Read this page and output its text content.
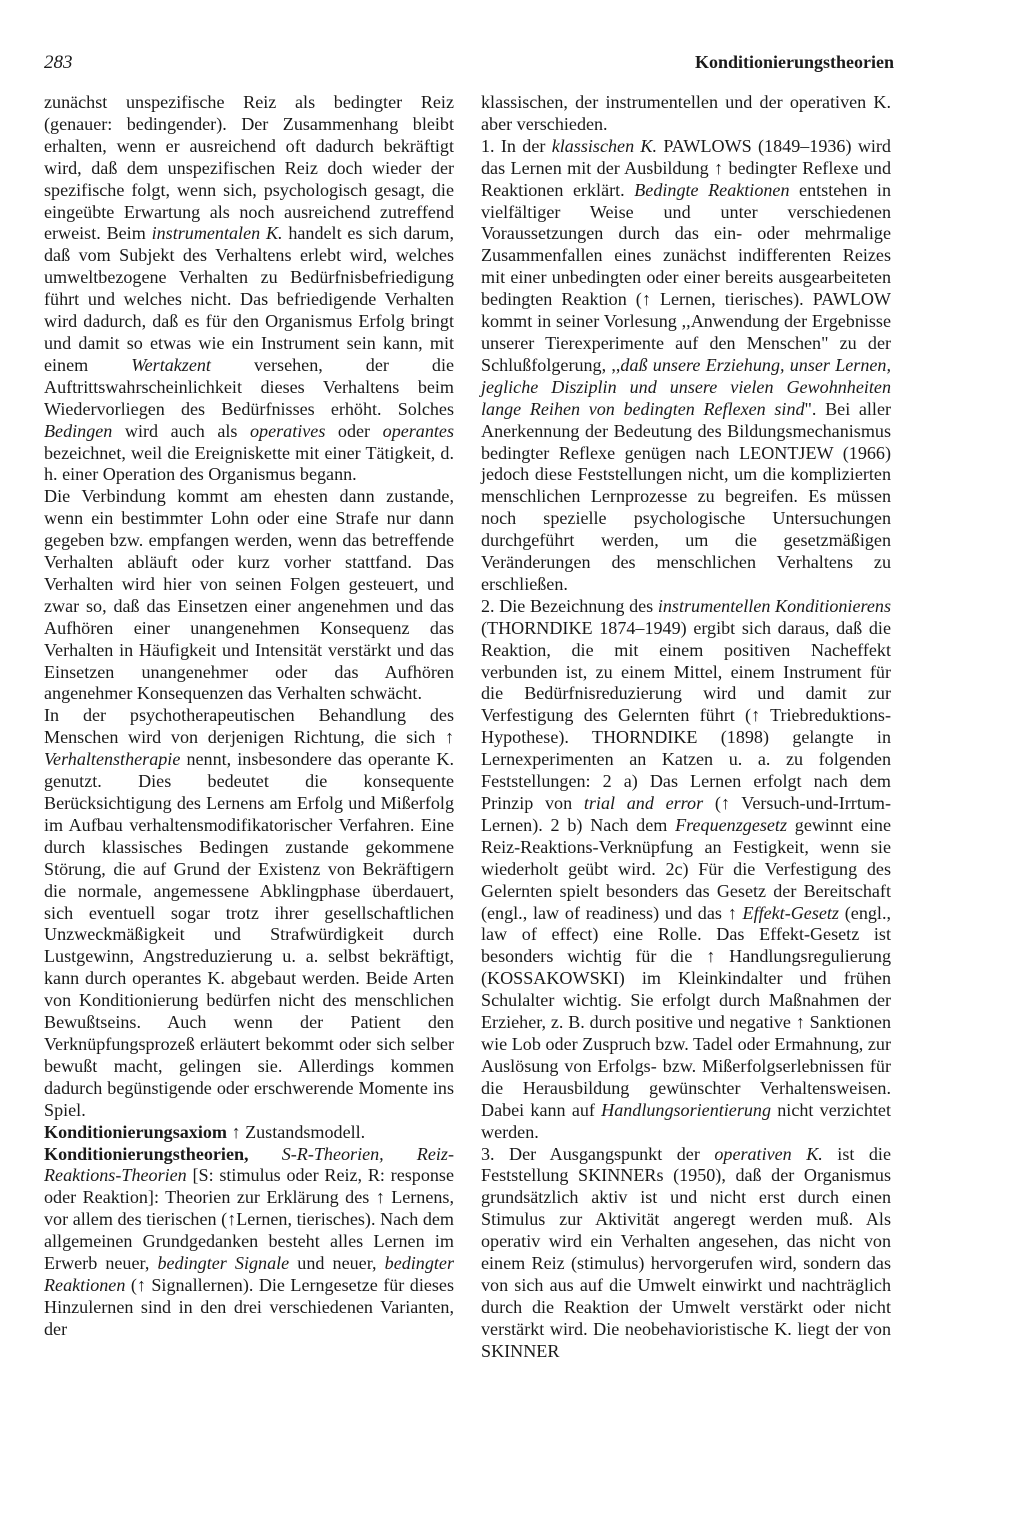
283	Konditionierungstheorien

zunächst unspezifische Reiz als bedingter Reiz (genauer: bedingender). Der Zusammenhang bleibt erhalten, wenn er ausreichend oft dadurch bekräftigt wird, daß dem unspezifischen Reiz doch wieder der spezifische folgt, wenn sich, psychologisch gesagt, die eingeübte Erwartung als noch ausreichend zutreffend erweist. Beim instrumentalen K. handelt es sich darum, daß vom Subjekt des Verhaltens erlebt wird, welches umweltbezogene Verhalten zu Bedürfnisbefriedigung führt und welches nicht. Das befriedigende Verhalten wird dadurch, daß es für den Organismus Erfolg bringt und damit so etwas wie ein Instrument sein kann, mit einem Wertakzent versehen, der die Auftrittswahrscheinlichkeit dieses Verhaltens beim Wiedervorliegen des Bedürfnisses erhöht. Solches Bedingen wird auch als operatives oder operantes bezeichnet, weil die Ereigniskette mit einer Tätigkeit, d. h. einer Operation des Organismus begann.

Die Verbindung kommt am ehesten dann zustande, wenn ein bestimmter Lohn oder eine Strafe nur dann gegeben bzw. empfangen werden, wenn das betreffende Verhalten abläuft oder kurz vorher stattfand. Das Verhalten wird hier von seinen Folgen gesteuert, und zwar so, daß das Einsetzen einer angenehmen und das Aufhören einer unangenehmen Konsequenz das Verhalten in Häufigkeit und Intensität verstärkt und das Einsetzen unangenehmer oder das Aufhören angenehmer Konsequenzen das Verhalten schwächt.

In der psychotherapeutischen Behandlung des Menschen wird von derjenigen Richtung, die sich ↑ Verhaltenstherapie nennt, insbesondere das operante K. genutzt. Dies bedeutet die konsequente Berücksichtigung des Lernens am Erfolg und Mißerfolg im Aufbau verhaltensmodifikatorischer Verfahren. Eine durch klassisches Bedingen zustande gekommene Störung, die auf Grund der Existenz von Bekräftigern die normale, angemessene Abklingphase überdauert, sich eventuell sogar trotz ihrer gesellschaftlichen Unzweckmäßigkeit und Strafwürdigkeit durch Lustgewinn, Angstreduzierung u. a. selbst bekräftigt, kann durch operantes K. abgebaut werden. Beide Arten von Konditionierung bedürfen nicht des menschlichen Bewußtseins. Auch wenn der Patient den Verknüpfungsprozeß erläutert bekommt oder sich selber bewußt macht, gelingen sie. Allerdings kommen dadurch begünstigende oder erschwerende Momente ins Spiel.

Konditionierungsaxiom ↑ Zustandsmodell.

Konditionierungstheorien, S-R-Theorien, Reiz-Reaktions-Theorien [S: stimulus oder Reiz, R: response oder Reaktion]: Theorien zur Erklärung des ↑ Lernens, vor allem des tierischen (↑Lernen, tierisches). Nach dem allgemeinen Grundgedanken besteht alles Lernen im Erwerb neuer, bedingter Signale und neuer, bedingter Reaktionen (↑ Signallernen). Die Lerngesetze für dieses Hinzulernen sind in den drei verschiedenen Varianten, der

klassischen, der instrumentellen und der operativen K. aber verschieden.

1. In der klassischen K. PAWLOWS (1849–1936) wird das Lernen mit der Ausbildung ↑ bedingter Reflexe und Reaktionen erklärt. Bedingte Reaktionen entstehen in vielfältiger Weise und unter verschiedenen Voraussetzungen durch das ein- oder mehrmalige Zusammenfallen eines zunächst indifferenten Reizes mit einer unbedingten oder einer bereits ausgearbeiteten bedingten Reaktion (↑ Lernen, tierisches). PAWLOW kommt in seiner Vorlesung ,,Anwendung der Ergebnisse unserer Tierexperimente auf den Menschen" zu der Schlußfolgerung, ,,daß unsere Erziehung, unser Lernen, jegliche Disziplin und unsere vielen Gewohnheiten lange Reihen von bedingten Reflexen sind". Bei aller Anerkennung der Bedeutung des Bildungsmechanismus bedingter Reflexe genügen nach LEONTJEW (1966) jedoch diese Feststellungen nicht, um die komplizierten menschlichen Lernprozesse zu begreifen. Es müssen noch spezielle psychologische Untersuchungen durchgeführt werden, um die gesetzmäßigen Veränderungen des menschlichen Verhaltens zu erschließen.

2. Die Bezeichnung des instrumentellen Konditionierens (THORNDIKE 1874–1949) ergibt sich daraus, daß die Reaktion, die mit einem positiven Nacheffekt verbunden ist, zu einem Mittel, einem Instrument für die Bedürfnisreduzierung wird und damit zur Verfestigung des Gelernten führt (↑ Triebreduktions-Hypothese). THORNDIKE (1898) gelangte in Lernexperimenten an Katzen u. a. zu folgenden Feststellungen: 2 a) Das Lernen erfolgt nach dem Prinzip von trial and error (↑ Versuch-und-Irrtum-Lernen). 2 b) Nach dem Frequenzgesetz gewinnt eine Reiz-Reaktions-Verknüpfung an Festigkeit, wenn sie wiederholt geübt wird. 2c) Für die Verfestigung des Gelernten spielt besonders das Gesetz der Bereitschaft (engl., law of readiness) und das ↑ Effekt-Gesetz (engl., law of effect) eine Rolle. Das Effekt-Gesetz ist besonders wichtig für die ↑ Handlungsregulierung (KOSSAKOWSKI) im Kleinkindalter und frühen Schulalter wichtig. Sie erfolgt durch Maßnahmen der Erzieher, z. B. durch positive und negative ↑ Sanktionen wie Lob oder Zuspruch bzw. Tadel oder Ermahnung, zur Auslösung von Erfolgs- bzw. Mißerfolgserlebnissen für die Herausbildung gewünschter Verhaltensweisen. Dabei kann auf Handlungsorientierung nicht verzichtet werden.

3. Der Ausgangspunkt der operativen K. ist die Feststellung SKINNERs (1950), daß der Organismus grundsätzlich aktiv ist und nicht erst durch einen Stimulus zur Aktivität angeregt werden muß. Als operativ wird ein Verhalten angesehen, das nicht von einem Reiz (stimulus) hervorgerufen wird, sondern das von sich aus auf die Umwelt einwirkt und nachträglich durch die Reaktion der Umwelt verstärkt oder nicht verstärkt wird. Die neobehavioristische K. liegt der von SKINNER
